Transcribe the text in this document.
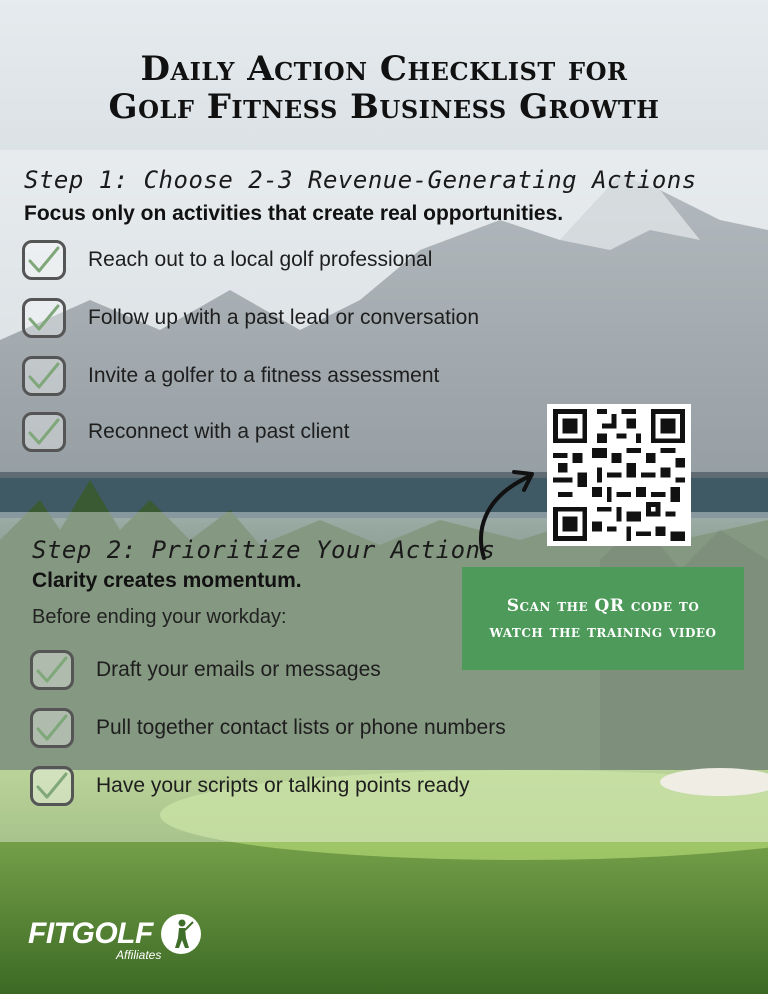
Daily Action Checklist for
Golf Fitness Business Growth

Step 1: Choose 2-3 Revenue-Generating Actions

Focus only on activities that create real opportunities.

Reach out to a local golf professional
Follow up with a past lead or conversation
Invite a golfer to a fitness assessment
Reconnect with a past client
Scan the QR code to watch the training video

Step 2: Prioritize Your Actions

Clarity creates momentum.

Before ending your workday:

Draft your emails or messages
Pull together contact lists or phone numbers
Have your scripts or talking points ready
FITGOLF
Affiliates
